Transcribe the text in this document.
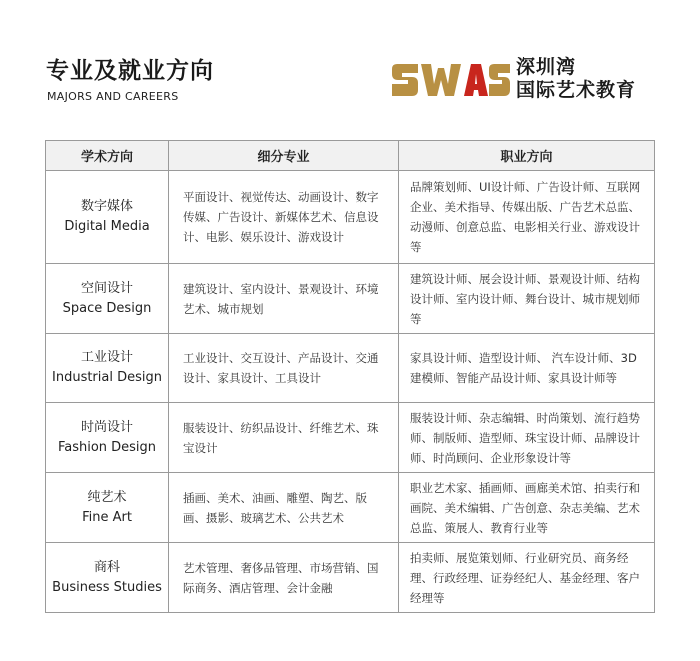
专业及就业方向
MAJORS AND CAREERS
深圳湾
国际艺术教育
学术方向	细分专业	职业方向

数字媒体
Digital Media	平面设计、视觉传达、动画设计、数字传媒、广告设计、新媒体艺术、信息设计、电影、娱乐设计、游戏设计	品牌策划师、UI设计师、广告设计师、互联网企业、美术指导、传媒出版、广告艺术总监、动漫师、创意总监、电影相关行业、游戏设计等

空间设计
Space Design	建筑设计、室内设计、景观设计、环境艺术、城市规划	建筑设计师、展会设计师、景观设计师、结构设计师、室内设计师、舞台设计、城市规划师等

工业设计
Industrial Design	工业设计、交互设计、产品设计、交通设计、家具设计、工具设计	家具设计师、造型设计师、 汽车设计师、3D建模师、智能产品设计师、家具设计师等

时尚设计
Fashion Design	服装设计、纺织品设计、纤维艺术、珠宝设计	服装设计师、杂志编辑、时尚策划、流行趋势师、制版师、造型师、珠宝设计师、品牌设计师、时尚顾问、企业形象设计等

纯艺术
Fine Art	插画、美术、油画、雕塑、陶艺、版画、摄影、玻璃艺术、公共艺术	职业艺术家、插画师、画廊美术馆、拍卖行和画院、美术编辑、广告创意、杂志美编、艺术总监、策展人、教育行业等

商科
Business Studies	艺术管理、奢侈品管理、市场营销、国际商务、酒店管理、会计金融	拍卖师、展览策划师、行业研究员、商务经理、行政经理、证券经纪人、基金经理、客户经理等
